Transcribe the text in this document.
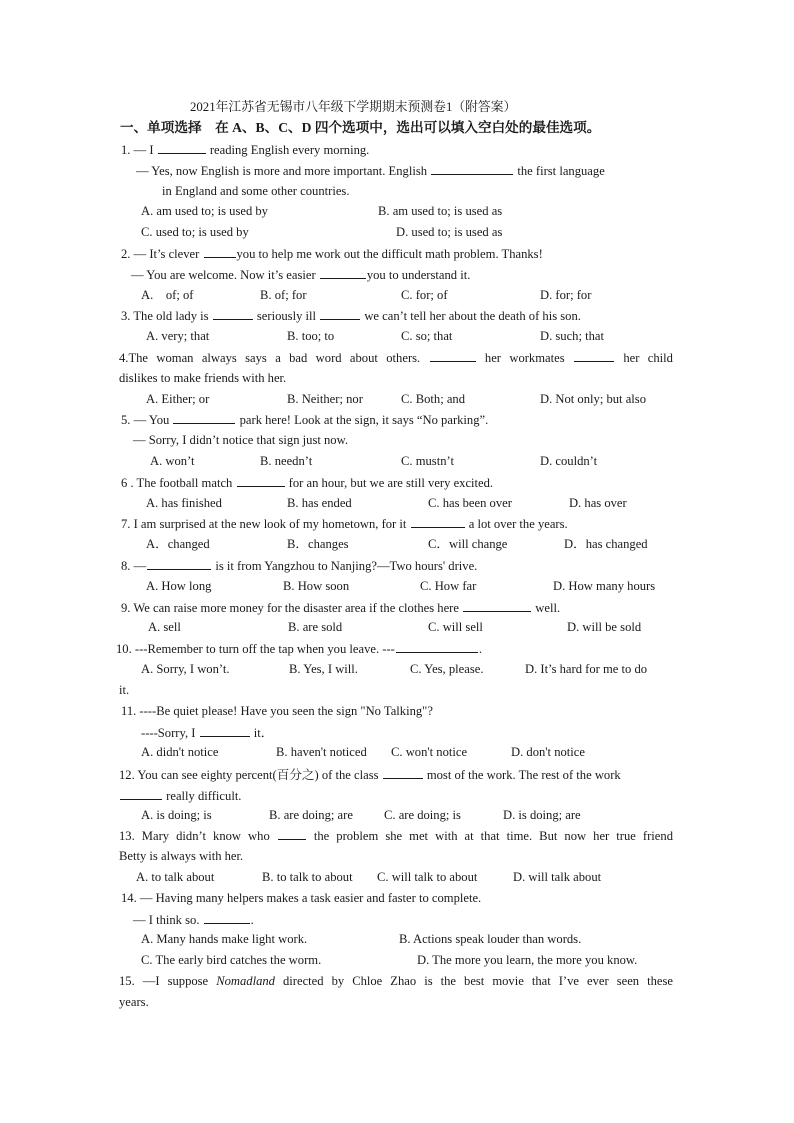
2021年江苏省无锡市八年级下学期期末预测卷1（附答案）
一、单项选择　在 A、B、C、D 四个选项中，选出可以填入空白处的最佳选项。
1. — I	reading English every morning.
— Yes, now English is more and more important. English	the first language
in England and some other countries.
A. am used to; is used by	B. am used to; is used as
C. used to; is used by	D. used to; is used as
2. — It’s clever	you to help me work out the difficult math problem. Thanks!
— You are welcome. Now it’s easier	you to understand it.
A.　of; of	B. of; for	C. for; of	D. for; for
3. The old lady is	seriously ill	we can’t tell her about the death of his son.
A. very; that	B. too; to	C. so; that	D. such; that
4.The woman always says a bad word about others.	her workmates	her child
dislikes to make friends with her.
A. Either; or	B. Neither; nor	C. Both; and	D. Not only; but also
5. — You	park here! Look at the sign, it says “No parking”.
— Sorry, I didn’t notice that sign just now.
A. won’t	B. needn’t	C. mustn’t	D. couldn’t
6 . The football match	for an hour, but we are still very excited.
A. has finished	B. has ended	C. has been over	D. has over
7. I am surprised at the new look of my hometown, for it	a lot over the years.
A．changed	B．changes	C．will change	D．has changed
8. —	is it from Yangzhou to Nanjing?—Two hours' drive.
A. How long	B. How soon	C. How far	D. How many hours
9. We can raise more money for the disaster area if the clothes here	well.
A. sell	B. are sold	C. will sell	D. will be sold
10. ---Remember to turn off the tap when you leave. ---	.
A. Sorry, I won’t.	B. Yes, I will.	C. Yes, please.	D. It’s hard for me to do
it.
11. ----Be quiet please! Have you seen the sign "No Talking"?
----Sorry, I	it．
A. didn't notice	B. haven't noticed C. won't notice	D. don't notice
12. You can see eighty percent(百分之) of the class	most of the work. The rest of the work
really difficult.
A. is doing; is	B. are doing; are C. are doing; is	D. is doing; are
13. Mary didn’t know who	the problem she met with at that time. But now her true friend
Betty is always with her.
A. to talk about	B. to talk to about C. will talk to about	D. will talk about
14. — Having many helpers makes a task easier and faster to complete.
— I think so.	.
A. Many hands make light work.	B. Actions speak louder than words.
C. The early bird catches the worm.	D. The more you learn, the more you know.
15. —I suppose Nomadland directed by Chloe Zhao is the best movie that I’ve ever seen these
years.
